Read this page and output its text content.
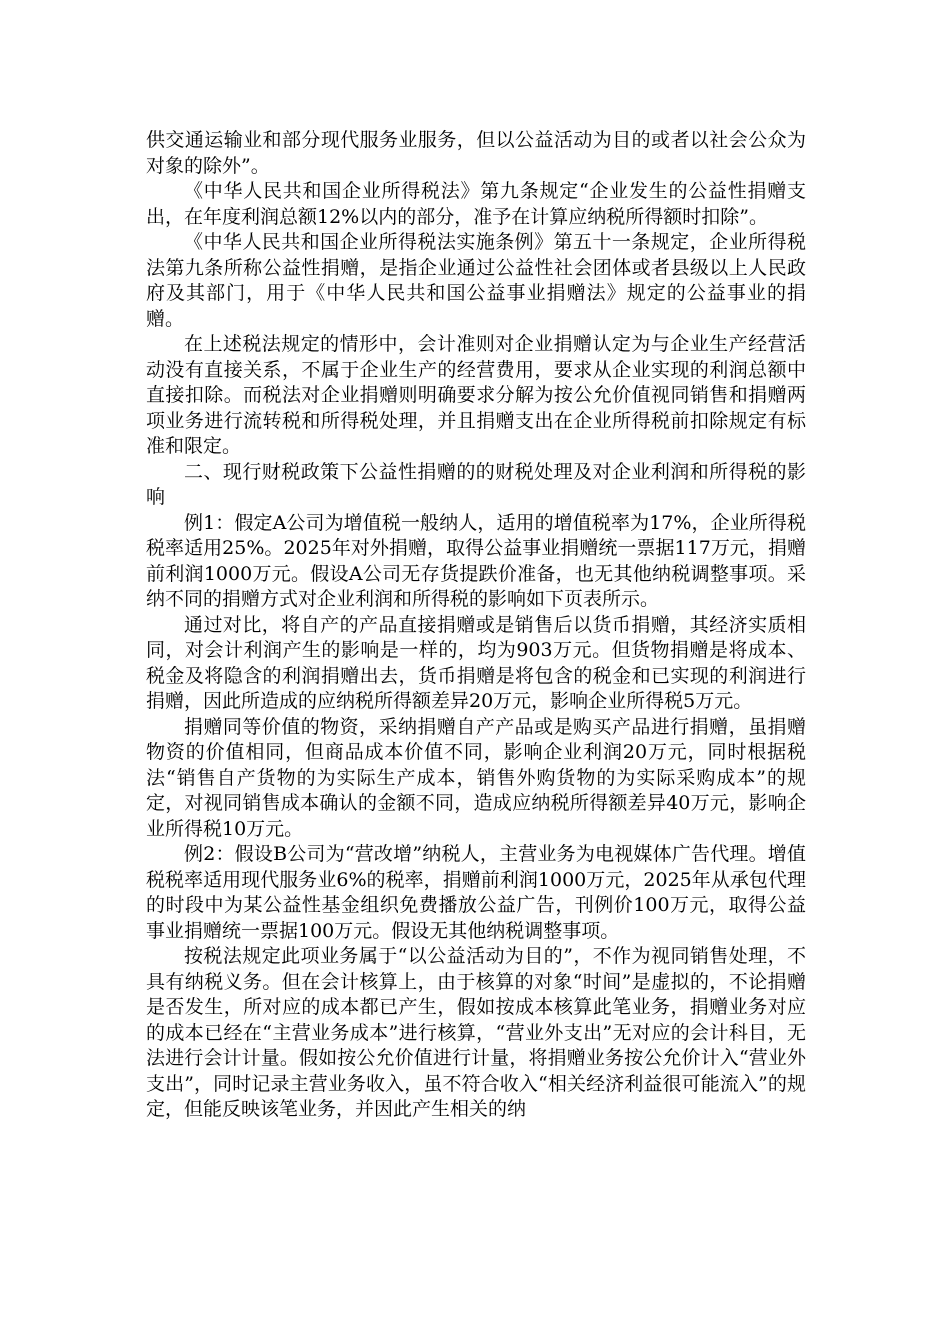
供交通运输业和部分现代服务业服务，但以公益活动为目的或者以社会公众为对象的除外”。

《中华人民共和国企业所得税法》第九条规定“企业发生的公益性捐赠支出，在年度利润总额12%以内的部分，准予在计算应纳税所得额时扣除”。

《中华人民共和国企业所得税法实施条例》第五十一条规定，企业所得税法第九条所称公益性捐赠，是指企业通过公益性社会团体或者县级以上人民政府及其部门，用于《中华人民共和国公益事业捐赠法》规定的公益事业的捐赠。

在上述税法规定的情形中，会计准则对企业捐赠认定为与企业生产经营活动没有直接关系，不属于企业生产的经营费用，要求从企业实现的利润总额中直接扣除。而税法对企业捐赠则明确要求分解为按公允价值视同销售和捐赠两项业务进行流转税和所得税处理，并且捐赠支出在企业所得税前扣除规定有标准和限定。

二、现行财税政策下公益性捐赠的的财税处理及对企业利润和所得税的影响

例1：假定A公司为增值税一般纳人，适用的增值税率为17%，企业所得税税率适用25%。2025年对外捐赠，取得公益事业捐赠统一票据117万元，捐赠前利润1000万元。假设A公司无存货提跌价准备，也无其他纳税调整事项。采纳不同的捐赠方式对企业利润和所得税的影响如下页表所示。

通过对比，将自产的产品直接捐赠或是销售后以货币捐赠，其经济实质相同，对会计利润产生的影响是一样的，均为903万元。但货物捐赠是将成本、税金及将隐含的利润捐赠出去，货币捐赠是将包含的税金和已实现的利润进行捐赠，因此所造成的应纳税所得额差异20万元，影响企业所得税5万元。

捐赠同等价值的物资，采纳捐赠自产产品或是购买产品进行捐赠，虽捐赠物资的价值相同，但商品成本价值不同，影响企业利润20万元，同时根据税法“销售自产货物的为实际生产成本，销售外购货物的为实际采购成本”的规定，对视同销售成本确认的金额不同，造成应纳税所得额差异40万元，影响企业所得税10万元。

例2：假设B公司为“营改增”纳税人，主营业务为电视媒体广告代理。增值税税率适用现代服务业6%的税率，捐赠前利润1000万元，2025年从承包代理的时段中为某公益性基金组织免费播放公益广告，刊例价100万元，取得公益事业捐赠统一票据100万元。假设无其他纳税调整事项。

按税法规定此项业务属于“以公益活动为目的”，不作为视同销售处理，不具有纳税义务。但在会计核算上，由于核算的对象“时间”是虚拟的，不论捐赠是否发生，所对应的成本都已产生，假如按成本核算此笔业务，捐赠业务对应的成本已经在“主营业务成本”进行核算，“营业外支出”无对应的会计科目，无法进行会计计量。假如按公允价值进行计量，将捐赠业务按公允价计入“营业外支出”，同时记录主营业务收入，虽不符合收入“相关经济利益很可能流入”的规定，但能反映该笔业务，并因此产生相关的纳
